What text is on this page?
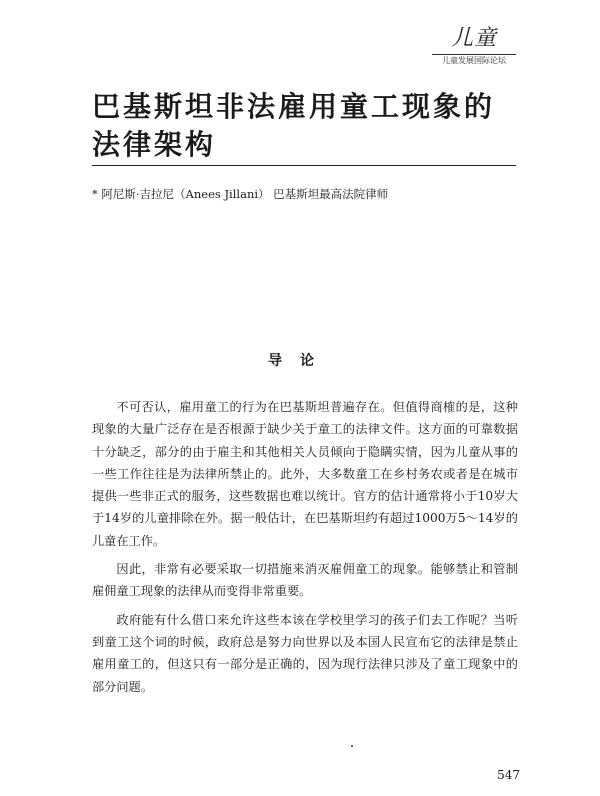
儿童
儿童发展国际论坛
巴基斯坦非法雇用童工现象的
法律架构
* 阿尼斯·吉拉尼（Anees Jillani） 巴基斯坦最高法院律师
导论

不可否认，雇用童工的行为在巴基斯坦普遍存在。但值得商榷的是，这种现象的大量广泛存在是否根源于缺少关于童工的法律文件。这方面的可靠数据十分缺乏，部分的由于雇主和其他相关人员倾向于隐瞒实情，因为儿童从事的一些工作往往是为法律所禁止的。此外，大多数童工在乡村务农或者是在城市提供一些非正式的服务，这些数据也难以统计。官方的估计通常将小于10岁大于14岁的儿童排除在外。据一般估计，在巴基斯坦约有超过1000万5～14岁的儿童在工作。

因此，非常有必要采取一切措施来消灭雇佣童工的现象。能够禁止和管制雇佣童工现象的法律从而变得非常重要。

政府能有什么借口来允许这些本该在学校里学习的孩子们去工作呢？当听到童工这个词的时候，政府总是努力向世界以及本国人民宣布它的法律是禁止雇用童工的，但这只有一部分是正确的，因为现行法律只涉及了童工现象中的部分问题。

547
